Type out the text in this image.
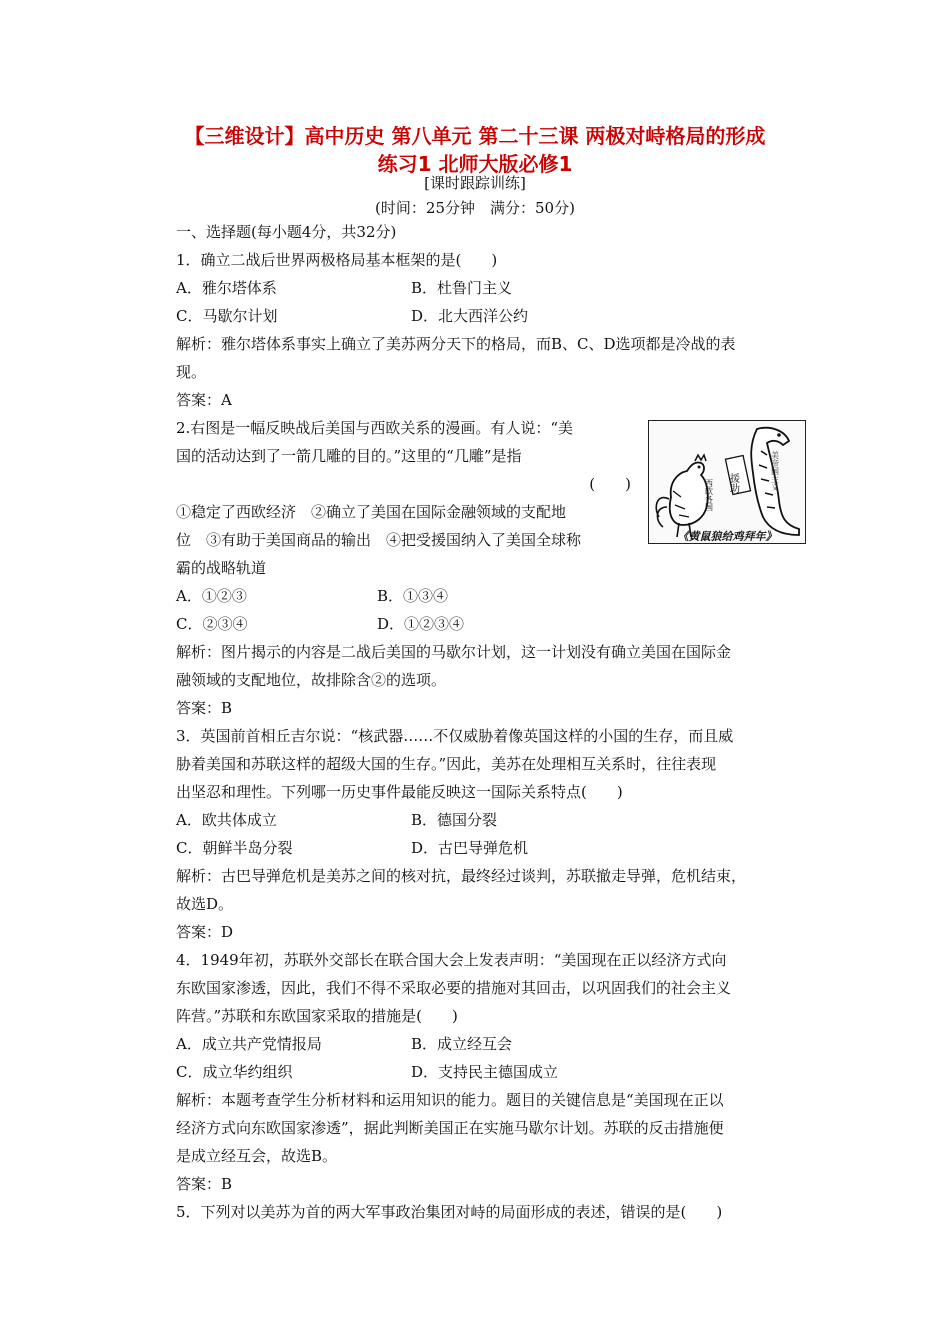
【三维设计】高中历史 第八单元 第二十三课 两极对峙格局的形成
练习1 北师大版必修1
[课时跟踪训练]
(时间：25分钟　满分：50分)
一、选择题(每小题4分，共32分)
1．确立二战后世界两极格局基本框架的是(　　)
A．雅尔塔体系	B．杜鲁门主义
C．马歇尔计划	D．北大西洋公约
解析：雅尔塔体系事实上确立了美苏两分天下的格局，而B、C、D选项都是冷战的表
现。
答案：A
2.右图是一幅反映战后美国与西欧关系的漫画。有人说：“美
国的活动达到了一箭几雕的目的。”这里的“几雕”是指
(　　)
①稳定了西欧经济　②确立了美国在国际金融领域的支配地
位　③有助于美国商品的输出　④把受援国纳入了美国全球称
霸的战略轨道
A．①②③	B．①③④
C．②③④	D．①②③④
解析：图片揭示的内容是二战后美国的马歇尔计划，这一计划没有确立美国在国际金
融领域的支配地位，故排除含②的选项。
答案：B
3．英国前首相丘吉尔说：“核武器……不仅威胁着像英国这样的小国的生存，而且威
胁着美国和苏联这样的超级大国的生存。”因此，美苏在处理相互关系时，往往表现
出坚忍和理性。下列哪一历史事件最能反映这一国际关系特点(　　)
A．欧共体成立	B．德国分裂
C．朝鲜半岛分裂	D．古巴导弹危机
解析：古巴导弹危机是美苏之间的核对抗，最终经过谈判，苏联撤走导弹，危机结束，
故选D。
答案：D
4．1949年初，苏联外交部长在联合国大会上发表声明：“美国现在正以经济方式向
东欧国家渗透，因此，我们不得不采取必要的措施对其回击，以巩固我们的社会主义
阵营。”苏联和东欧国家采取的措施是(　　)
A．成立共产党情报局	B．成立经互会
C．成立华约组织	D．支持民主德国成立
解析：本题考查学生分析材料和运用知识的能力。题目的关键信息是“美国现在正以
经济方式向东欧国家渗透”，据此判断美国正在实施马歇尔计划。苏联的反击措施便
是成立经互会，故选B。
答案：B
5．下列对以美苏为首的两大军事政治集团对峙的局面形成的表述，错误的是(　　)
美帝国主义
援助
西欧各国
《黄鼠狼给鸡拜年》
